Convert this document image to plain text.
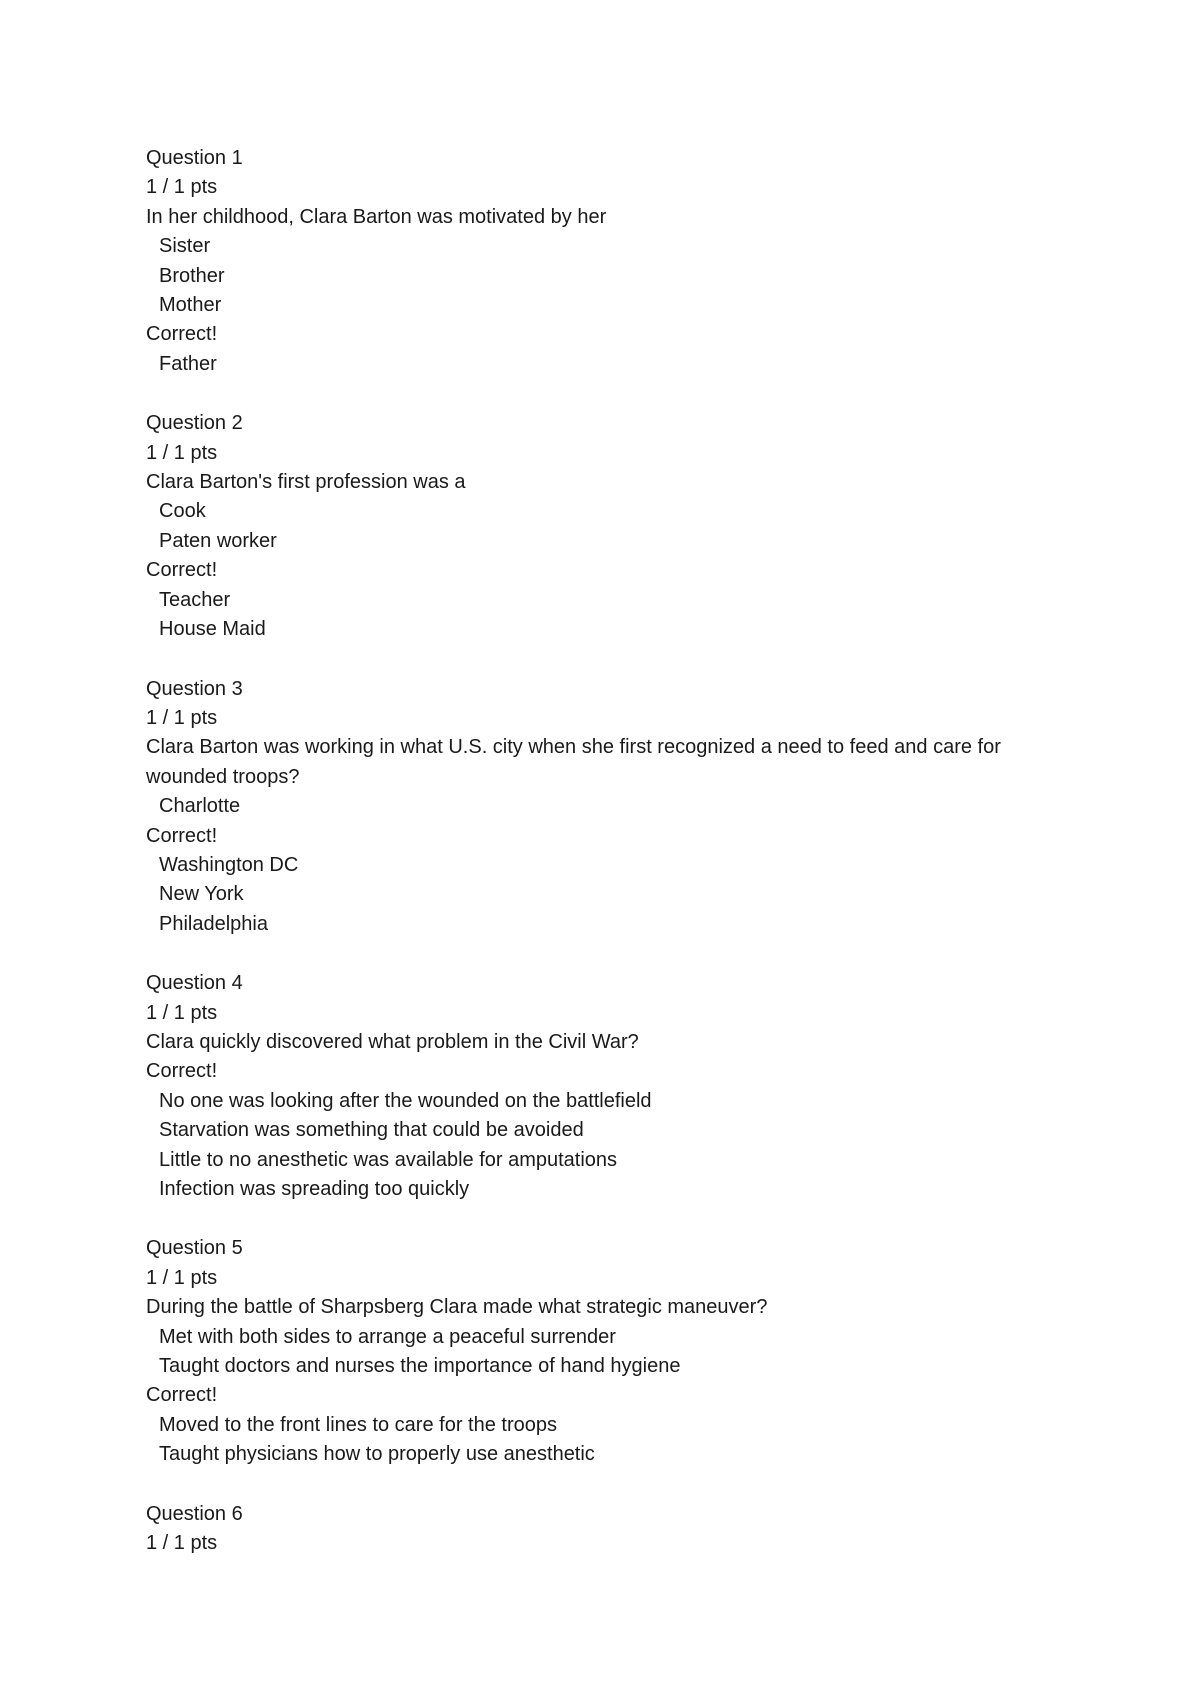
Question 1
1 / 1 pts
In her childhood, Clara Barton was motivated by her
Sister
Brother
Mother
Correct!
Father
Question 2
1 / 1 pts
Clara Barton's first profession was a
Cook
Paten worker
Correct!
Teacher
House Maid
Question 3
1 / 1 pts
Clara Barton was working in what U.S. city when she first recognized a need to feed and care for wounded troops?
Charlotte
Correct!
Washington DC
New York
Philadelphia
Question 4
1 / 1 pts
Clara quickly discovered what problem in the Civil War?
Correct!
No one was looking after the wounded on the battlefield
Starvation was something that could be avoided
Little to no anesthetic was available for amputations
Infection was spreading too quickly
Question 5
1 / 1 pts
During the battle of Sharpsberg Clara made what strategic maneuver?
Met with both sides to arrange a peaceful surrender
Taught doctors and nurses the importance of hand hygiene
Correct!
Moved to the front lines to care for the troops
Taught physicians how to properly use anesthetic
Question 6
1 / 1 pts
